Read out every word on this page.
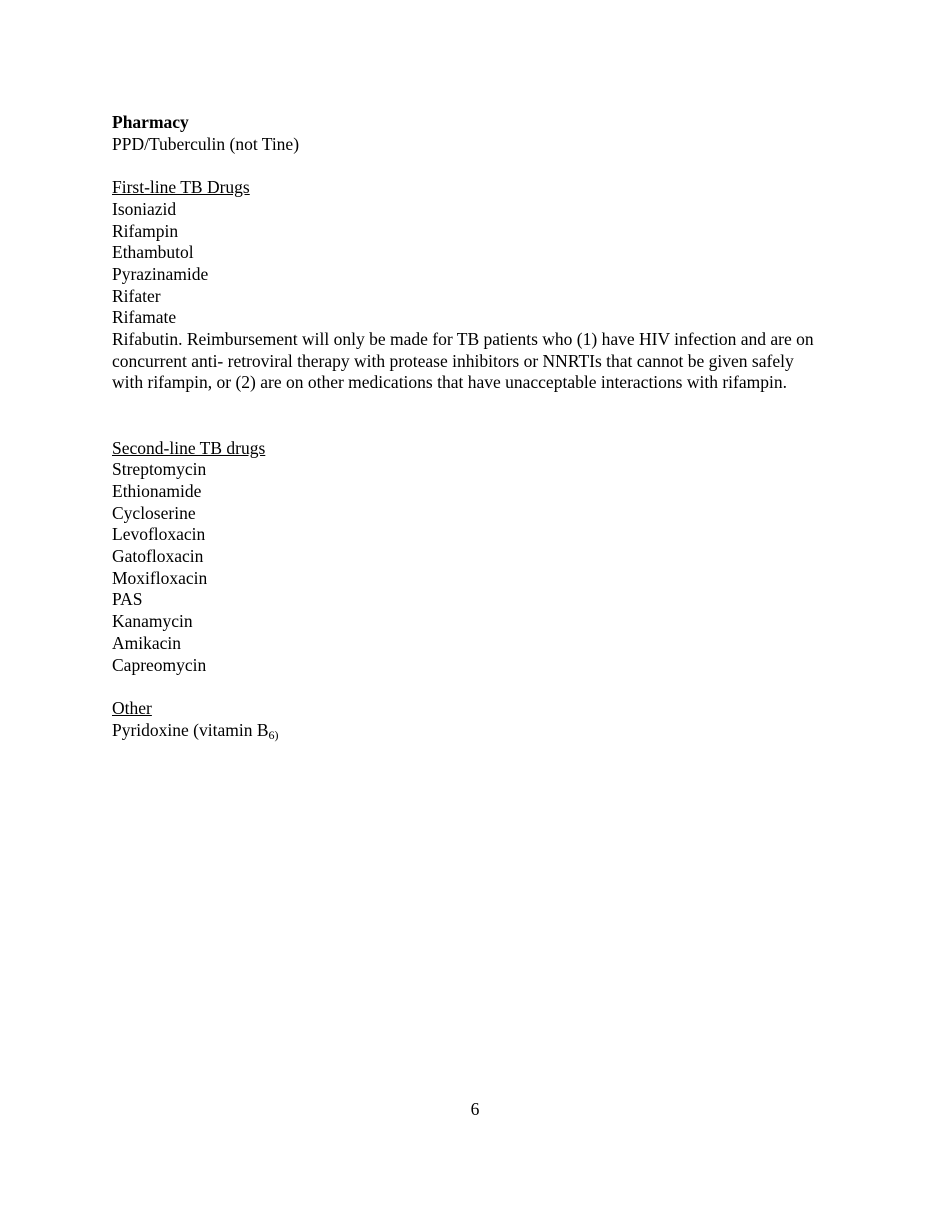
Pharmacy

PPD/Tuberculin (not Tine)

First-line TB Drugs

Isoniazid

Rifampin

Ethambutol

Pyrazinamide

Rifater

Rifamate

Rifabutin. Reimbursement will only be made for TB patients who (1) have HIV infection and are on concurrent anti- retroviral therapy with protease inhibitors or NNRTIs that cannot be given safely with rifampin, or (2) are on other medications that have unacceptable interactions with rifampin.

Second-line TB drugs

Streptomycin

Ethionamide

Cycloserine

Levofloxacin

Gatofloxacin

Moxifloxacin

PAS

Kanamycin

Amikacin

Capreomycin

Other

Pyridoxine (vitamin $B_{6)}$

6
